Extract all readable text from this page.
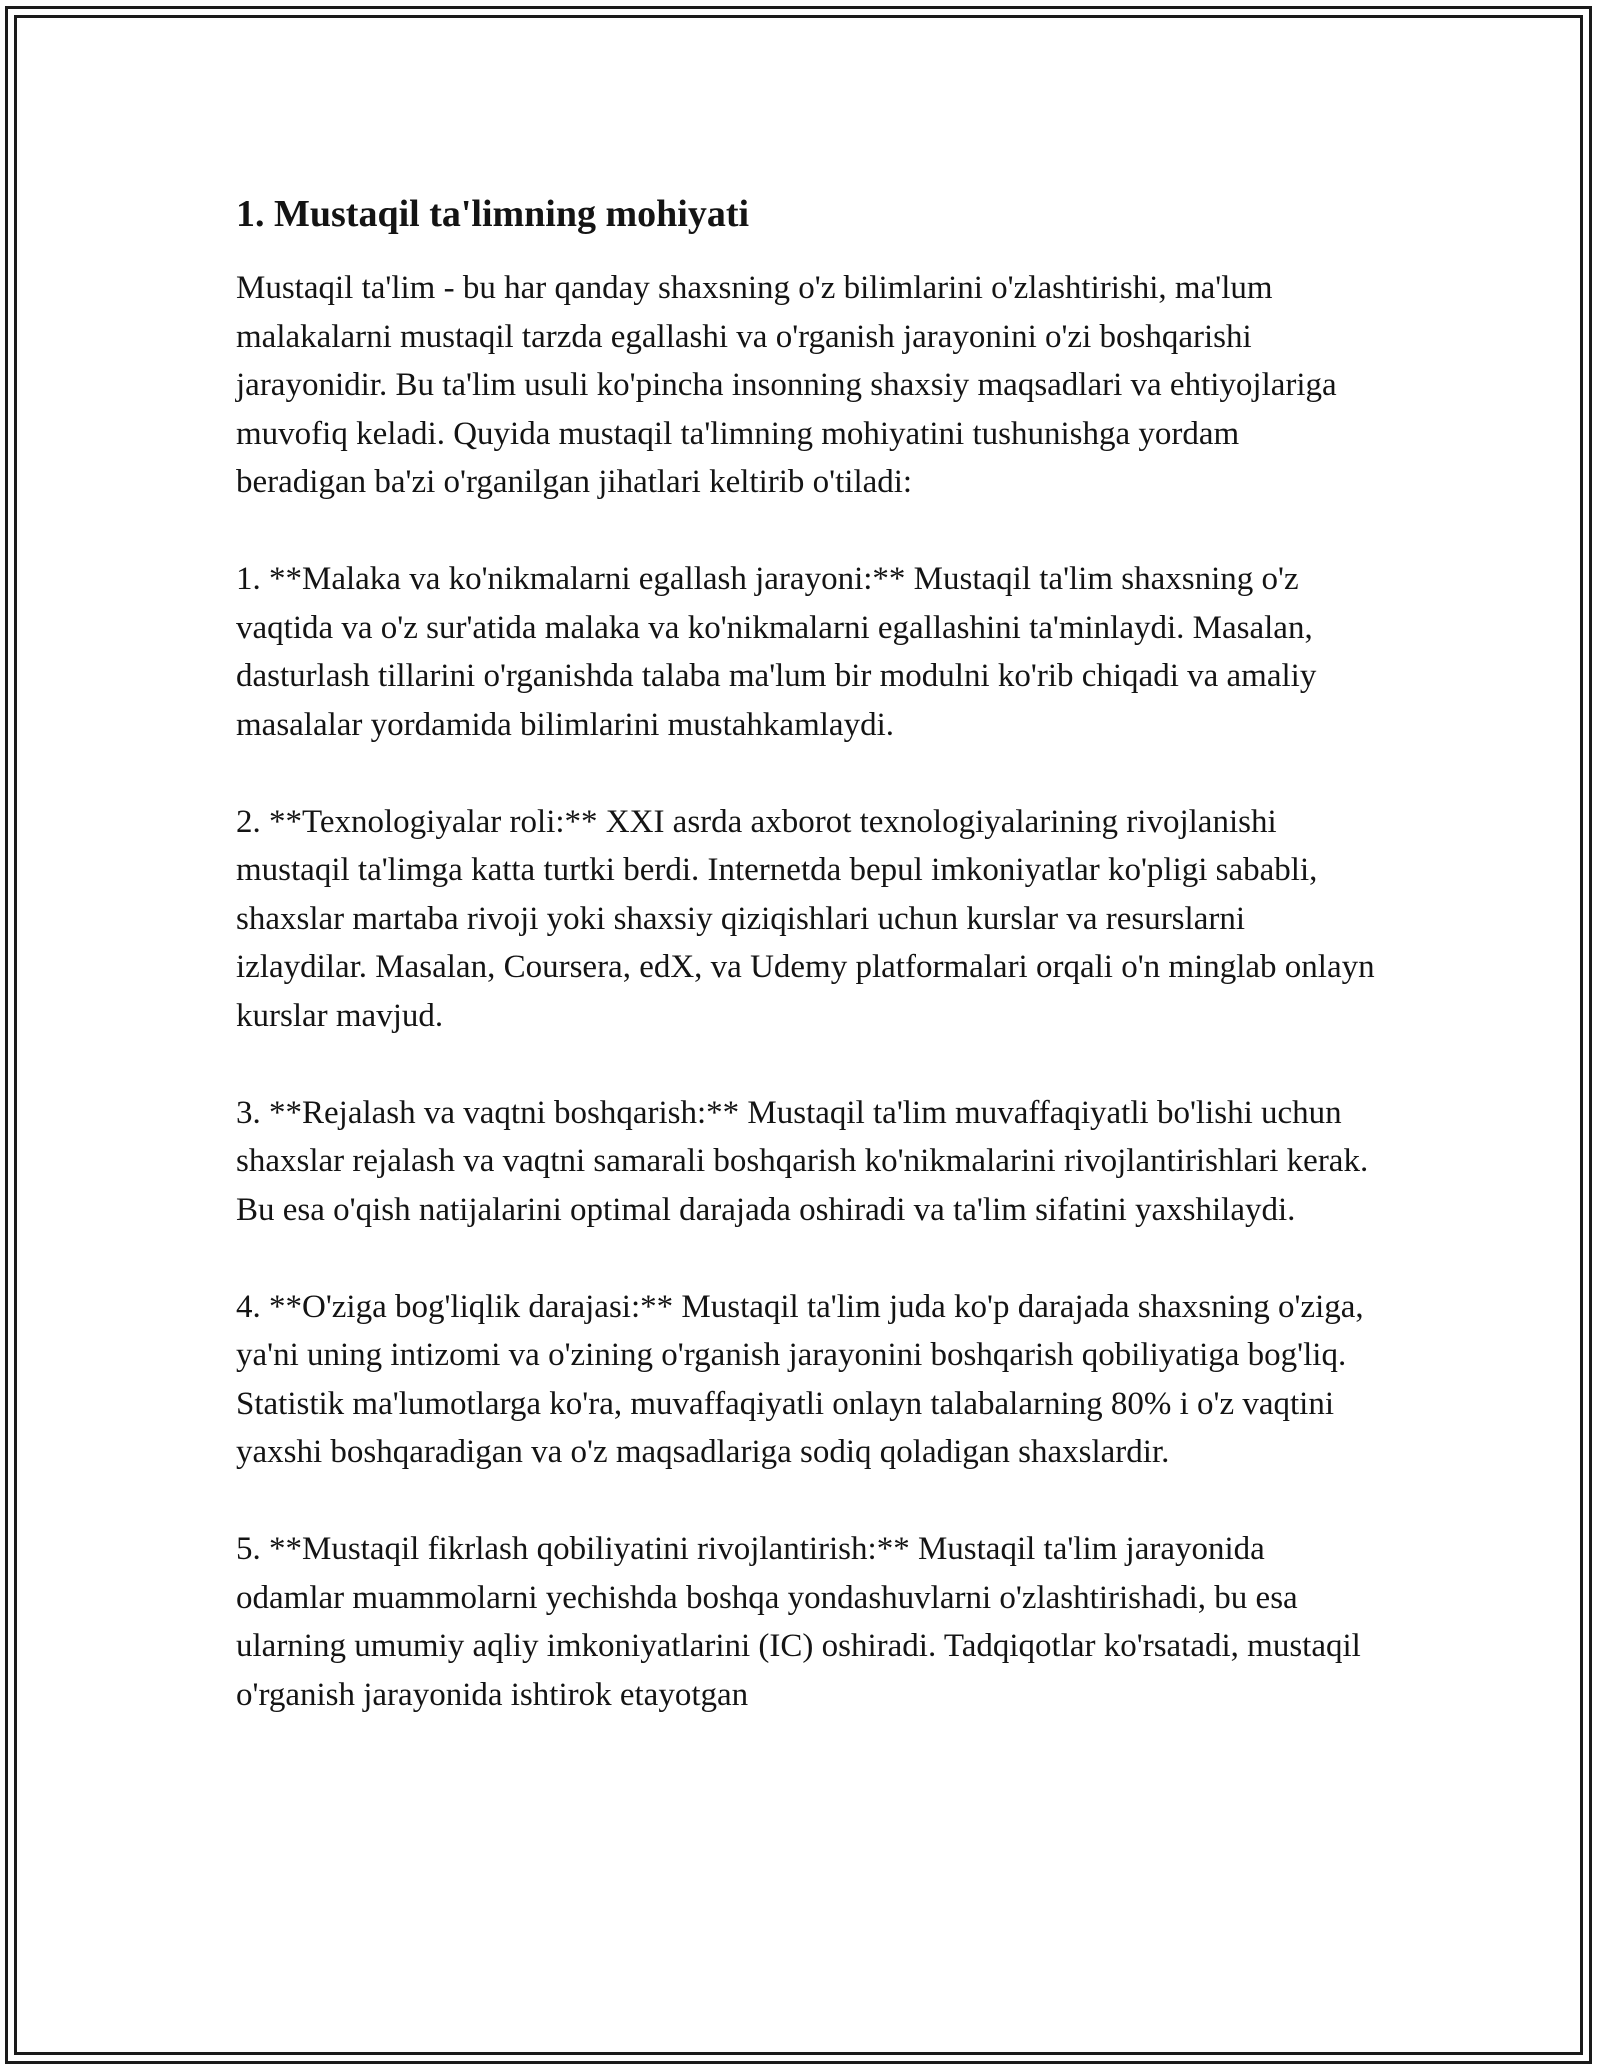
1. Mustaqil ta'limning mohiyati

Mustaqil ta'lim - bu har qanday shaxsning o'z bilimlarini o'zlashtirishi, ma'lum malakalarni mustaqil tarzda egallashi va o'rganish jarayonini o'zi boshqarishi jarayonidir. Bu ta'lim usuli ko'pincha insonning shaxsiy maqsadlari va ehtiyojlariga muvofiq keladi. Quyida mustaqil ta'limning mohiyatini tushunishga yordam beradigan ba'zi o'rganilgan jihatlari keltirib o'tiladi:

1. **Malaka va ko'nikmalarni egallash jarayoni:** Mustaqil ta'lim shaxsning o'z vaqtida va o'z sur'atida malaka va ko'nikmalarni egallashini ta'minlaydi. Masalan, dasturlash tillarini o'rganishda talaba ma'lum bir modulni ko'rib chiqadi va amaliy masalalar yordamida bilimlarini mustahkamlaydi.

2. **Texnologiyalar roli:** XXI asrda axborot texnologiyalarining rivojlanishi mustaqil ta'limga katta turtki berdi. Internetda bepul imkoniyatlar ko'pligi sababli, shaxslar martaba rivoji yoki shaxsiy qiziqishlari uchun kurslar va resurslarni izlaydilar. Masalan, Coursera, edX, va Udemy platformalari orqali o'n minglab onlayn kurslar mavjud.

3. **Rejalash va vaqtni boshqarish:** Mustaqil ta'lim muvaffaqiyatli bo'lishi uchun shaxslar rejalash va vaqtni samarali boshqarish ko'nikmalarini rivojlantirishlari kerak. Bu esa o'qish natijalarini optimal darajada oshiradi va ta'lim sifatini yaxshilaydi.

4. **O'ziga bog'liqlik darajasi:** Mustaqil ta'lim juda ko'p darajada shaxsning o'ziga, ya'ni uning intizomi va o'zining o'rganish jarayonini boshqarish qobiliyatiga bog'liq. Statistik ma'lumotlarga ko'ra, muvaffaqiyatli onlayn talabalarning 80% i o'z vaqtini yaxshi boshqaradigan va o'z maqsadlariga sodiq qoladigan shaxslardir.

5. **Mustaqil fikrlash qobiliyatini rivojlantirish:** Mustaqil ta'lim jarayonida odamlar muammolarni yechishda boshqa yondashuvlarni o'zlashtirishadi, bu esa ularning umumiy aqliy imkoniyatlarini (IC) oshiradi. Tadqiqotlar ko'rsatadi, mustaqil o'rganish jarayonida ishtirok etayotgan
